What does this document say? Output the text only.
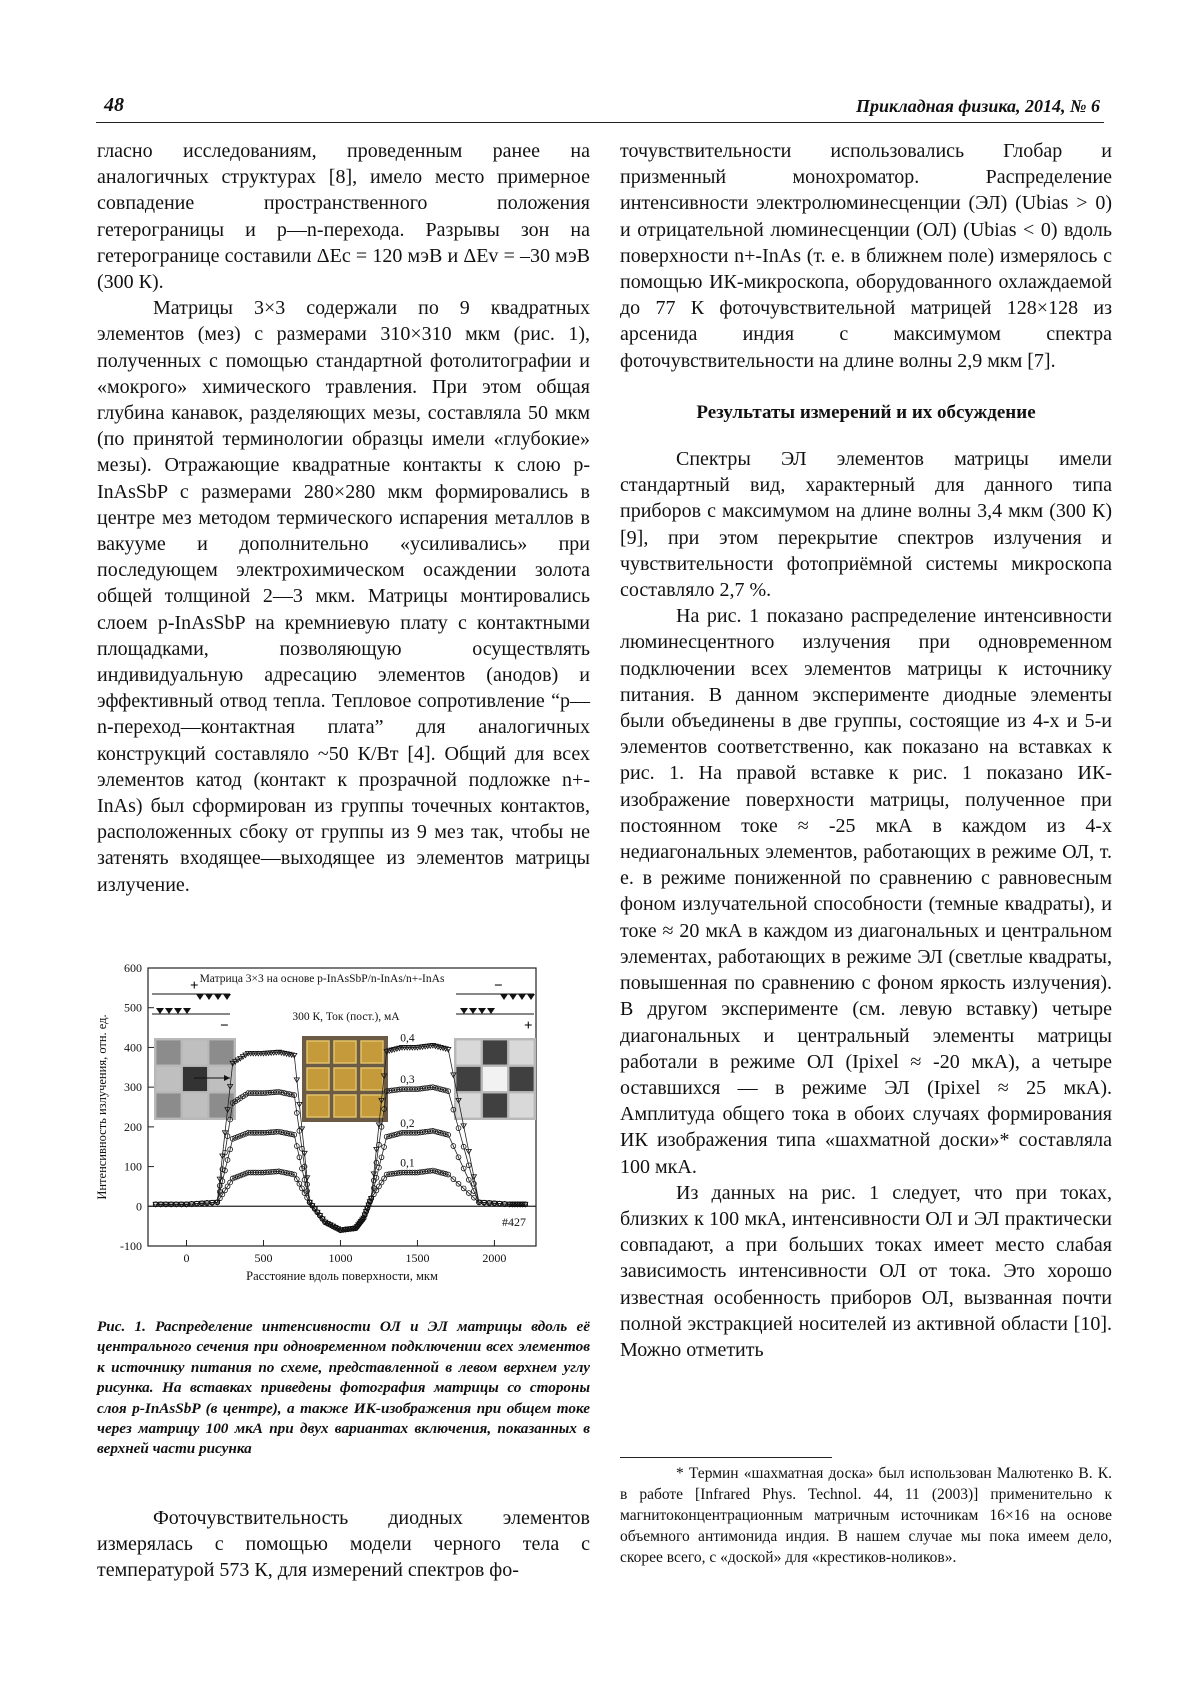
48	Прикладная физика, 2014, № 6

гласно исследованиям, проведенным ранее на аналогичных структурах [8], имело место примерное совпадение пространственного положения гетерограницы и p—n-перехода. Разрывы зон на гетерогранице составили ΔEc = 120 мэВ и ΔEv = –30 мэВ (300 К).

Матрицы 3×3 содержали по 9 квадратных элементов (мез) с размерами 310×310 мкм (рис. 1), полученных с помощью стандартной фотолитографии и «мокрого» химического травления. При этом общая глубина канавок, разделяющих мезы, составляла 50 мкм (по принятой терминологии образцы имели «глубокие» мезы). Отражающие квадратные контакты к слою p-InAsSbP с размерами 280×280 мкм формировались в центре мез методом термического испарения металлов в вакууме и дополнительно «усиливались» при последующем электрохимическом осаждении золота общей толщиной 2—3 мкм. Матрицы монтировались слоем p-InAsSbP на кремниевую плату с контактными площадками, позволяющую осуществлять индивидуальную адресацию элементов (анодов) и эффективный отвод тепла. Тепловое сопротивление “p—n-переход—контактная плата” для аналогичных конструкций составляло ~50 К/Вт [4]. Общий для всех элементов катод (контакт к прозрачной подложке n+-InAs) был сформирован из группы точечных контактов, расположенных сбоку от группы из 9 мез так, чтобы не затенять входящее—выходящее из элементов матрицы излучение.

+
−
−
+
-100
0
100
200
300
400
500
600
0	500	1000	1500	2000
Расстояние вдоль поверхности, мкм
Интенсивность излучения, отн. ед.
Матрица 3×3 на основе p-InAsSbP/n-InAs/n+-InAs
300 К, Ток (пост.), мА
#427
0,1
0,2
0,3
0,4
Рис. 1. Распределение интенсивности ОЛ и ЭЛ матрицы вдоль её центрального сечения при одновременном подключении всех элементов к источнику питания по схеме, представленной в левом верхнем углу рисунка. На вставках приведены фотография матрицы со стороны слоя p-InAsSbP (в центре), а также ИК-изображения при общем токе через матрицу 100 мкА при двух вариантах включения, показанных в верхней части рисунка

Фоточувствительность диодных элементов измерялась с помощью модели черного тела с температурой 573 К, для измерений спектров фо-

точувствительности использовались Глобар и призменный монохроматор. Распределение интенсивности электролюминесценции (ЭЛ) (Ubias > 0) и отрицательной люминесценции (ОЛ) (Ubias < 0) вдоль поверхности n+-InAs (т. е. в ближнем поле) измерялось с помощью ИК-микроскопа, оборудованного охлаждаемой до 77 К фоточувствительной матрицей 128×128 из арсенида индия с максимумом спектра фоточувствительности на длине волны 2,9 мкм [7].

Результаты измерений и их обсуждение

Спектры ЭЛ элементов матрицы имели стандартный вид, характерный для данного типа приборов с максимумом на длине волны 3,4 мкм (300 К) [9], при этом перекрытие спектров излучения и чувствительности фотоприёмной системы микроскопа составляло 2,7 %.

На рис. 1 показано распределение интенсивности люминесцентного излучения при одновременном подключении всех элементов матрицы к источнику питания. В данном эксперименте диодные элементы были объединены в две группы, состоящие из 4-х и 5-и элементов соответственно, как показано на вставках к рис. 1. На правой вставке к рис. 1 показано ИК-изображение поверхности матрицы, полученное при постоянном токе ≈ -25 мкА в каждом из 4-х недиагональных элементов, работающих в режиме ОЛ, т. е. в режиме пониженной по сравнению с равновесным фоном излучательной способности (темные квадраты), и токе ≈ 20 мкА в каждом из диагональных и центральном элементах, работающих в режиме ЭЛ (светлые квадраты, повышенная по сравнению с фоном яркость излучения). В другом эксперименте (см. левую вставку) четыре диагональных и центральный элементы матрицы работали в режиме ОЛ (Ipixel ≈ -20 мкА), а четыре оставшихся — в режиме ЭЛ (Ipixel ≈ 25 мкА). Амплитуда общего тока в обоих случаях формирования ИК изображения типа «шахматной доски»* составляла 100 мкА.

Из данных на рис. 1 следует, что при токах, близких к 100 мкА, интенсивности ОЛ и ЭЛ практически совпадают, а при больших токах имеет место слабая зависимость интенсивности ОЛ от тока. Это хорошо известная особенность приборов ОЛ, вызванная почти полной экстракцией носителей из активной области [10]. Можно отметить

* Термин «шахматная доска» был использован Малютенко В. К. в работе [Infrared Phys. Technol. 44, 11 (2003)] применительно к магнитоконцентрационным матричным источникам 16×16 на основе объемного антимонида индия. В нашем случае мы пока имеем дело, скорее всего, с «доской» для «крестиков-ноликов».
